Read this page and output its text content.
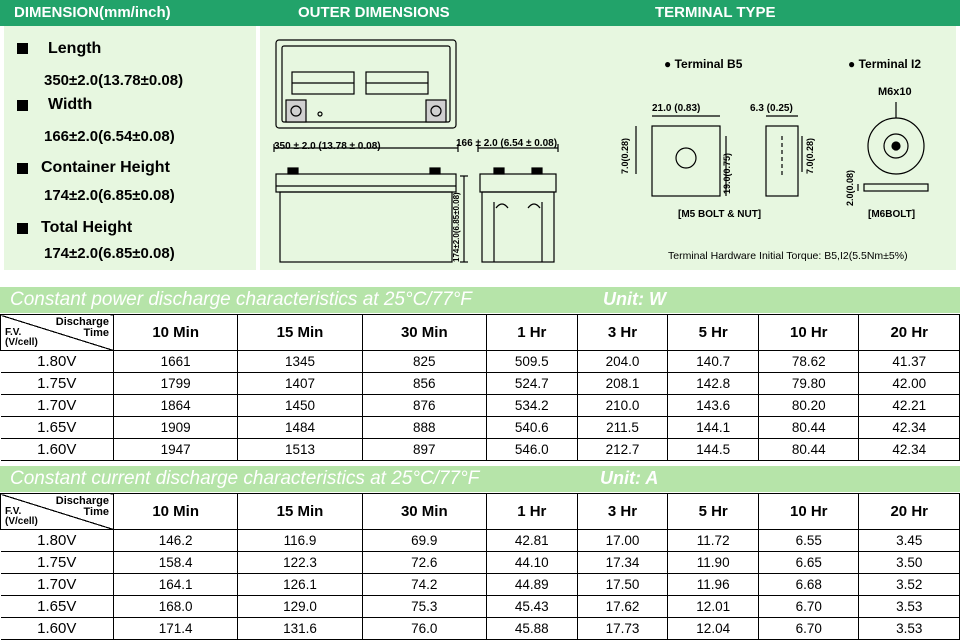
DIMENSION(mm/inch)	OUTER DIMENSIONS	TERMINAL TYPE
Length
350±2.0(13.78±0.08)
Width
166±2.0(6.54±0.08)
Container Height
174±2.0(6.85±0.08)
Total Height
174±2.0(6.85±0.08)
350 ± 2.0 (13.78 ± 0.08)	166 ± 2.0 (6.54 ± 0.08)
174±2.0(6.85±0.08)
● Terminal B5	● Terminal I2
21.0 (0.83)	6.3 (0.25)
7.0(0.28)	19.0(0.75)	7.0(0.28)
[M5 BOLT & NUT]
M6x10
2.0(0.08)
[M6BOLT]
Terminal Hardware Initial Torque: B5,I2(5.5Nm±5%)
Constant power discharge characteristics at 25°C/77°F	Unit: W
Discharge
Time
F.V.
(V/cell)	10 Min	15 Min	30 Min	1 Hr	3 Hr	5 Hr	10 Hr	20 Hr
1.80V	1661	1345	825	509.5	204.0	140.7	78.62	41.37
1.75V	1799	1407	856	524.7	208.1	142.8	79.80	42.00
1.70V	1864	1450	876	534.2	210.0	143.6	80.20	42.21
1.65V	1909	1484	888	540.6	211.5	144.1	80.44	42.34
1.60V	1947	1513	897	546.0	212.7	144.5	80.44	42.34
Constant current discharge characteristics at 25°C/77°F	Unit: A
Discharge
Time
F.V.
(V/cell)	10 Min	15 Min	30 Min	1 Hr	3 Hr	5 Hr	10 Hr	20 Hr
1.80V	146.2	116.9	69.9	42.81	17.00	11.72	6.55	3.45
1.75V	158.4	122.3	72.6	44.10	17.34	11.90	6.65	3.50
1.70V	164.1	126.1	74.2	44.89	17.50	11.96	6.68	3.52
1.65V	168.0	129.0	75.3	45.43	17.62	12.01	6.70	3.53
1.60V	171.4	131.6	76.0	45.88	17.73	12.04	6.70	3.53
